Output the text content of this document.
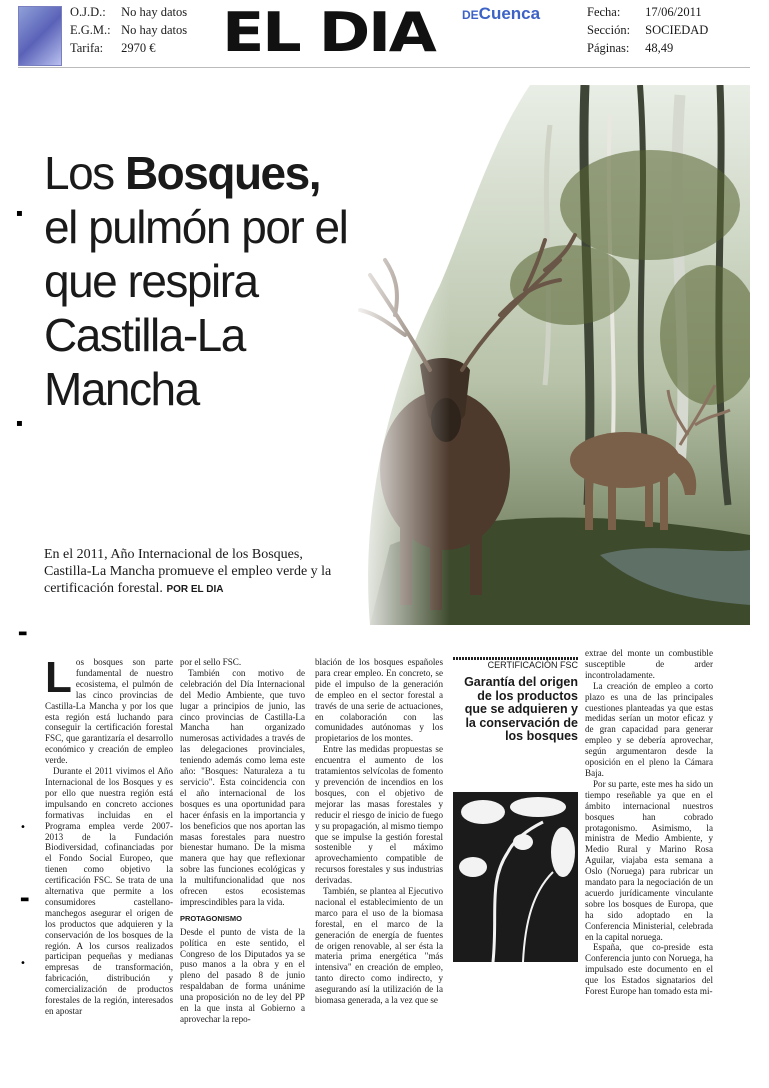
O.J.D.: No hay datos
E.G.M.: No hay datos
Tarifa: 2970 €	EL DIA DECuenca	Fecha: 17/06/2011
Sección: SOCIEDAD
Páginas: 48,49
Los Bosques, el pulmón por el que respira Castilla-La Mancha
En el 2011, Año Internacional de los Bosques, Castilla-La Mancha promueve el empleo verde y la certificación forestal. POR EL DIA

Los bosques son parte fundamental de nuestro ecosistema, el pulmón de las cinco provincias de Castilla-La Mancha y por los que esta región está luchando para conseguir la certificación forestal FSC, que garantizaría el desarrollo económico y creación de empleo verde.

Durante el 2011 vivimos el Año Internacional de los Bosques y es por ello que nuestra región está impulsando en concreto acciones formativas incluidas en el Programa emplea verde 2007-2013 de la Fundación Biodiversidad, cofinanciadas por el Fondo Social Europeo, que tienen como objetivo la certificación FSC. Se trata de una alternativa que permite a los consumidores castellano-manchegos asegurar el origen de los productos que adquieren y la conservación de los bosques de la región. A los cursos realizados participan pequeñas y medianas empresas de transformación, fabricación, distribución y comercialización de productos forestales de la región, interesados en apostar

por el sello FSC.

También con motivo de celebración del Día Internacional del Medio Ambiente, que tuvo lugar a principios de junio, las cinco provincias de Castilla-La Mancha han organizado numerosas actividades a través de las delegaciones provinciales, teniendo además como lema este año: "Bosques: Naturaleza a tu servicio". Esta coincidencia con el año internacional de los bosques es una oportunidad para hacer énfasis en la importancia y los beneficios que nos aportan las masas forestales para nuestro bienestar humano. De la misma manera que hay que reflexionar sobre las funciones ecológicas y la multifuncionalidad que nos ofrecen estos ecosistemas imprescindibles para la vida.

PROTAGONISMO

Desde el punto de vista de la política en este sentido, el Congreso de los Diputados ya se puso manos a la obra y en el pleno del pasado 8 de junio respaldaban de forma unánime una proposición no de ley del PP en la que insta al Gobierno a aprovechar la repo-

blación de los bosques españoles para crear empleo. En concreto, se pide el impulso de la generación de empleo en el sector forestal a través de una serie de actuaciones, en colaboración con las comunidades autónomas y los propietarios de los montes.

Entre las medidas propuestas se encuentra el aumento de los tratamientos selvícolas de fomento y prevención de incendios en los bosques, con el objetivo de mejorar las masas forestales y reducir el riesgo de inicio de fuego y su propagación, al mismo tiempo que se impulse la gestión forestal sostenible y el máximo aprovechamiento compatible de recursos forestales y sus industrias derivadas.

También, se plantea al Ejecutivo nacional el establecimiento de un marco para el uso de la biomasa forestal, en el marco de la generación de energía de fuentes de origen renovable, al ser ésta la materia prima energética "más intensiva" en creación de empleo, tanto directo como indirecto, y asegurando así la utilización de la biomasa generada, a la vez que se

CERTIFICACIÓN FSC
Garantía del origen de los productos que se adquieren y la conservación de los bosques

extrae del monte un combustible susceptible de arder incontroladamente.

La creación de empleo a corto plazo es una de las principales cuestiones planteadas ya que estas medidas serían un motor eficaz y de gran capacidad para generar empleo y se debería aprovechar, según argumentaron desde la oposición en el pleno la Cámara Baja.

Por su parte, este mes ha sido un tiempo reseñable ya que en el ámbito internacional nuestros bosques han cobrado protagonismo. Asimismo, la ministra de Medio Ambiente, y Medio Rural y Marino Rosa Aguilar, viajaba esta semana a Oslo (Noruega) para rubricar un mandato para la negociación de un acuerdo jurídicamente vinculante sobre los bosques de Europa, que ha sido adoptado en la Conferencia Ministerial, celebrada en la capital noruega.

España, que co-preside esta Conferencia junto con Noruega, ha impulsado este documento en el que los Estados signatarios del Forest Europe han tomado esta mi-

▪
▪
▬
•
▬
•
